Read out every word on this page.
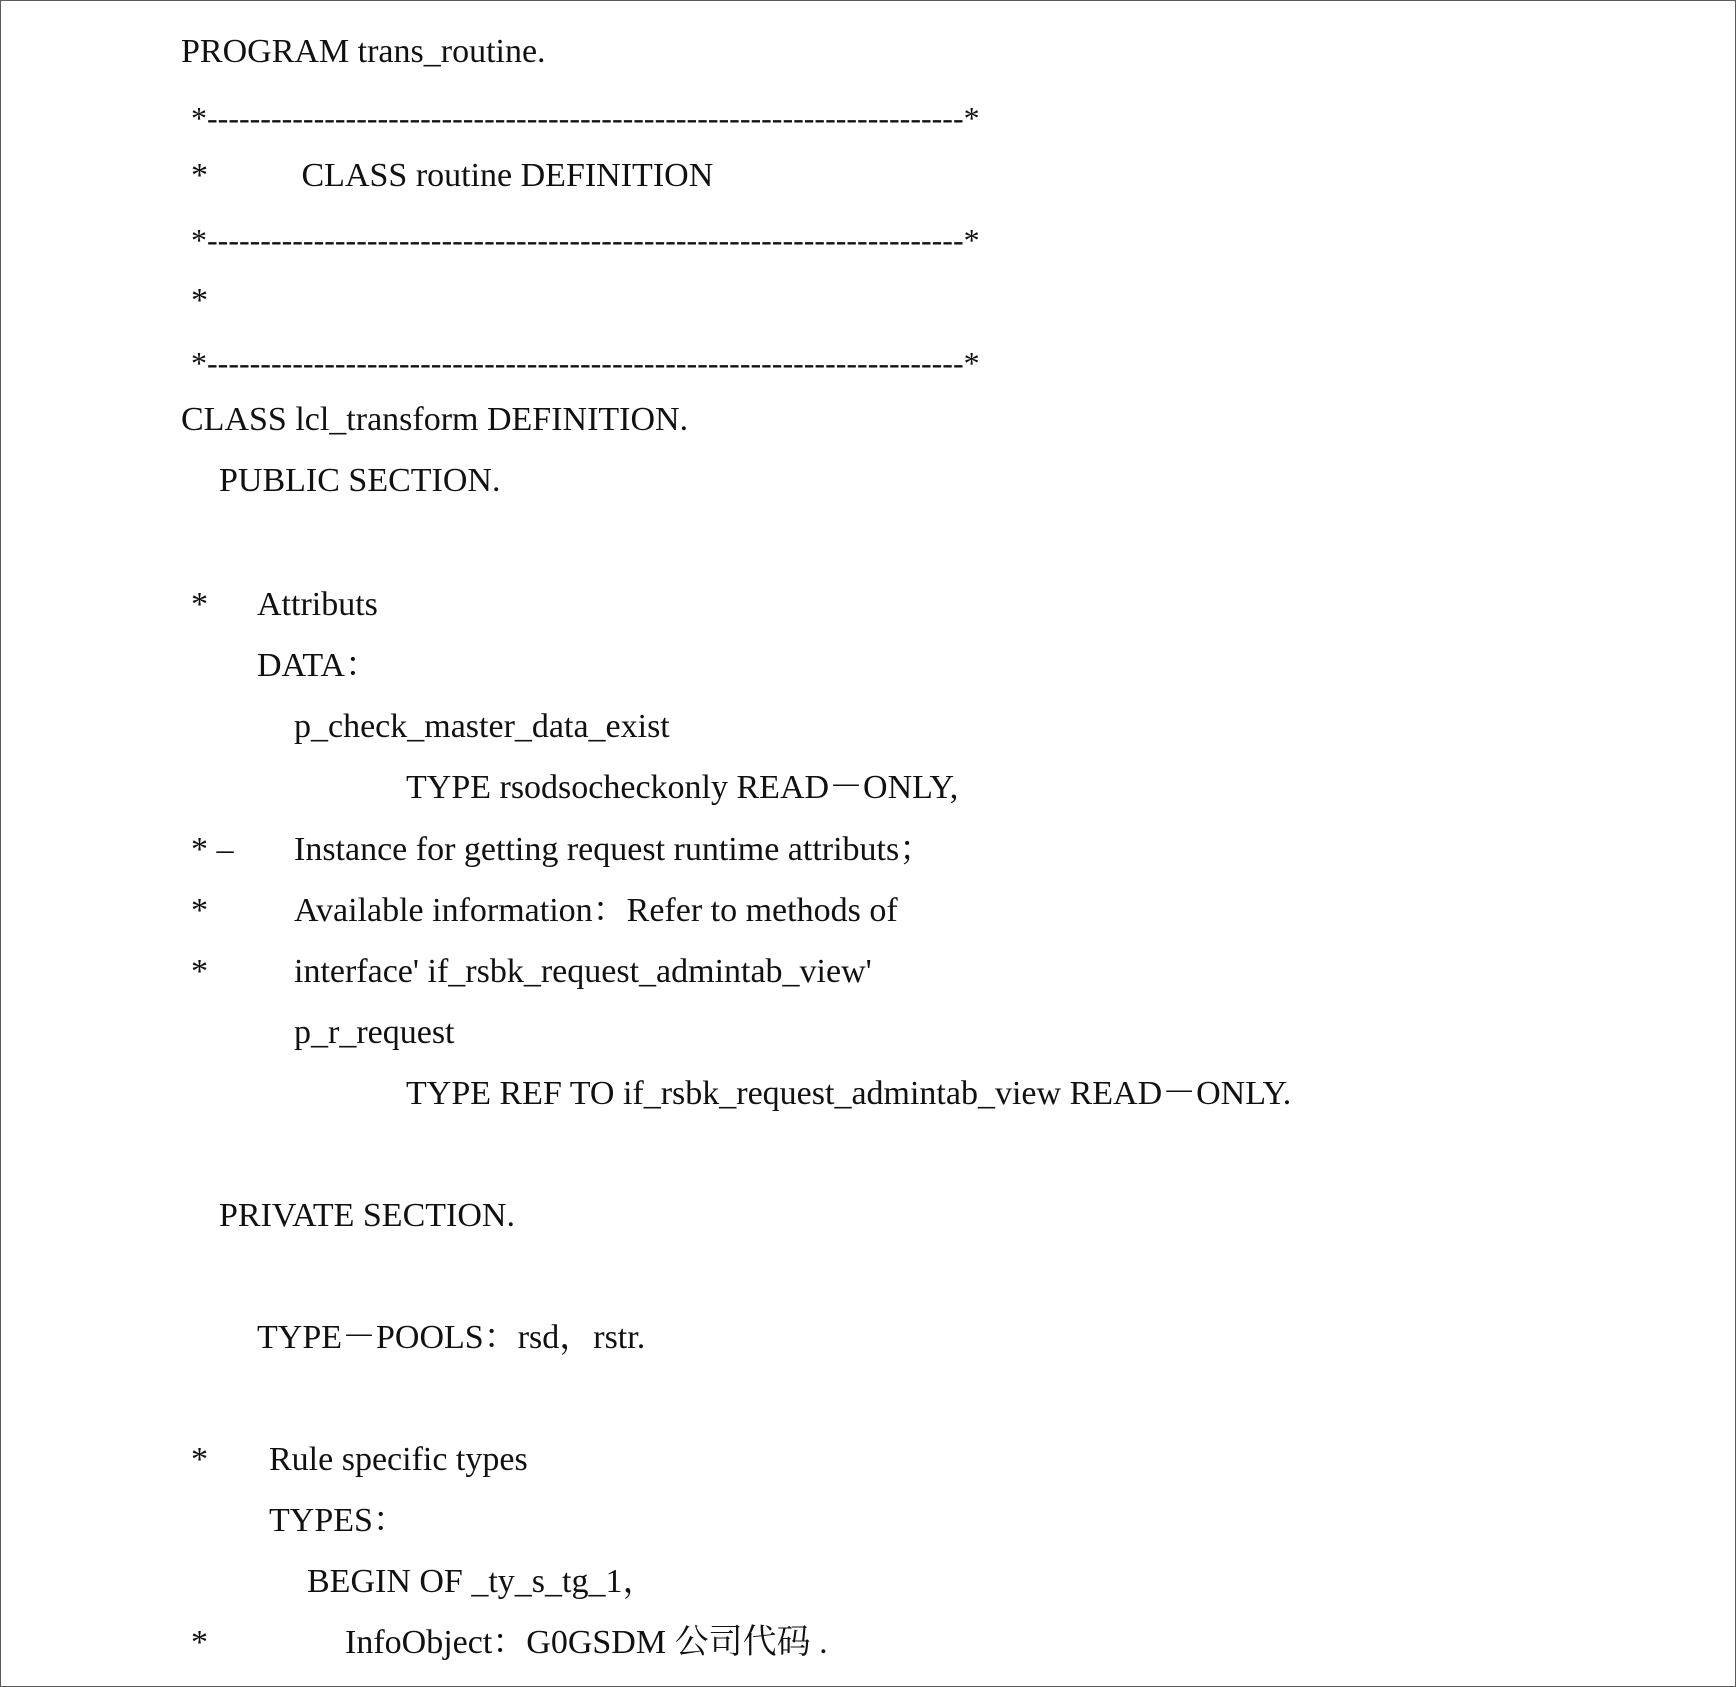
PROGRAM trans_routine.
*-----------------------------------------------------------------------*
*           CLASS routine DEFINITION
*-----------------------------------------------------------------------*
*
*-----------------------------------------------------------------------*
CLASS lcl_transform DEFINITION.
PUBLIC SECTION.
* Attributs
DATA：
p_check_master_data_exist
TYPE rsodsocheckonly READ－ONLY,
* – Instance for getting request runtime attributs；
*	Available information：Refer to methods of
*	interface' if_rsbk_request_admintab_view'
p_r_request
TYPE REF TO if_rsbk_request_admintab_view READ－ONLY.
PRIVATE SECTION.
TYPE－POOLS：rsd，rstr.
* Rule specific types
TYPES：
BEGIN OF _ty_s_tg_1，
*	InfoObject：G0GSDM 公司代码 .
